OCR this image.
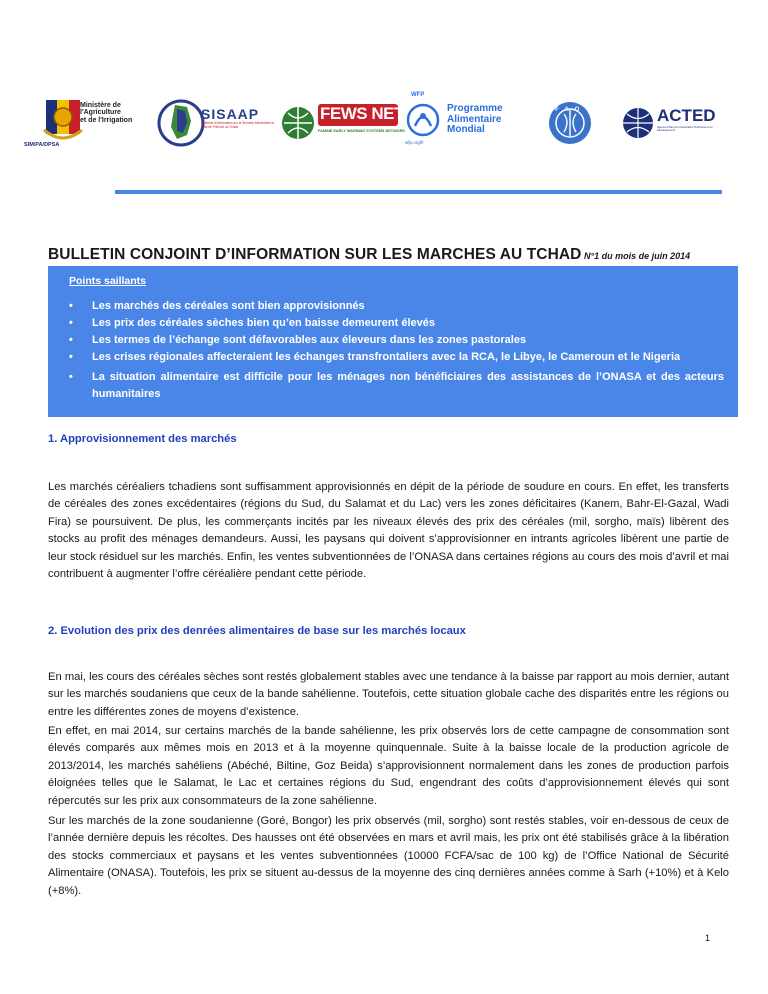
Ministère de
l'Agriculture
et de l'Irrigation
SIM/PA/DPSA
SISAAP
Système d'Information sur la Sécurité Alimentaire et d'Alerte Précoce au Tchad
FEWS NET
FAMINE EARLY WARNING SYSTEMS NETWORK
WFP
wfp.org/fr
Programme
Alimentaire
Mondial
FAO	ACTED
Agence d'Aide à la Coopération Technique et au Développement
BULLETIN CONJOINT D’INFORMATION SUR LES MARCHES AU TCHAD N°1 du mois de juin 2014
Points saillants
• Les marchés des céréales sont bien approvisionnés
• Les prix des céréales sèches bien qu’en baisse demeurent élevés
• Les termes de l’échange sont défavorables aux éleveurs dans les zones pastorales
• Les crises régionales affecteraient les échanges transfrontaliers avec la RCA, le Libye, le Cameroun et le Nigeria
• La situation alimentaire est difficile pour les ménages non bénéficiaires des assistances de l’ONASA et des acteurs humanitaires
1. Approvisionnement des marchés
Les marchés céréaliers tchadiens sont suffisamment approvisionnés en dépit de la période de soudure en cours. En effet, les transferts de céréales des zones excédentaires (régions du Sud, du Salamat et du Lac) vers les zones déficitaires (Kanem, Bahr-El-Gazal, Wadi Fira) se poursuivent. De plus, les commerçants incités par les niveaux élevés des prix des céréales (mil, sorgho, maïs) libèrent des stocks au profit des ménages demandeurs. Aussi, les paysans qui doivent s’approvisionner en intrants agricoles libèrent une partie de leur stock résiduel sur les marchés. Enfin, les ventes subventionnées de l’ONASA dans certaines régions au cours des mois d’avril et mai contribuent à augmenter l’offre céréalière pendant cette période.
2. Evolution des prix des denrées alimentaires de base sur les marchés locaux
En mai, les cours des céréales sèches sont restés globalement stables avec une tendance à la baisse par rapport au mois dernier, autant sur les marchés soudaniens que ceux de la bande sahélienne. Toutefois, cette situation globale cache des disparités entre les régions ou entre les différentes zones de moyens d’existence.
En effet, en mai 2014, sur certains marchés de la bande sahélienne, les prix observés lors de cette campagne de consommation sont élevés comparés aux mêmes mois en 2013 et à la moyenne quinquennale. Suite à la baisse locale de la production agricole de 2013/2014, les marchés sahéliens (Abéché, Biltine, Goz Beida) s’approvisionnent normalement dans les zones de production parfois éloignées telles que le Salamat, le Lac et certaines régions du Sud, engendrant des coûts d’approvisionnement élevés qui sont répercutés sur les prix aux consommateurs de la zone sahélienne.
Sur les marchés de la zone soudanienne (Goré, Bongor) les prix observés (mil, sorgho) sont restés stables, voir en-dessous de ceux de l’année dernière depuis les récoltes. Des hausses ont été observées en mars et avril mais, les prix ont été stabilisés grâce à la libération des stocks commerciaux et paysans et les ventes subventionnées (10000 FCFA/sac de 100 kg) de l’Office National de Sécurité Alimentaire (ONASA). Toutefois, les prix se situent au-dessus de la moyenne des cinq dernières années comme à Sarh (+10%) et à Kelo (+8%).
1
